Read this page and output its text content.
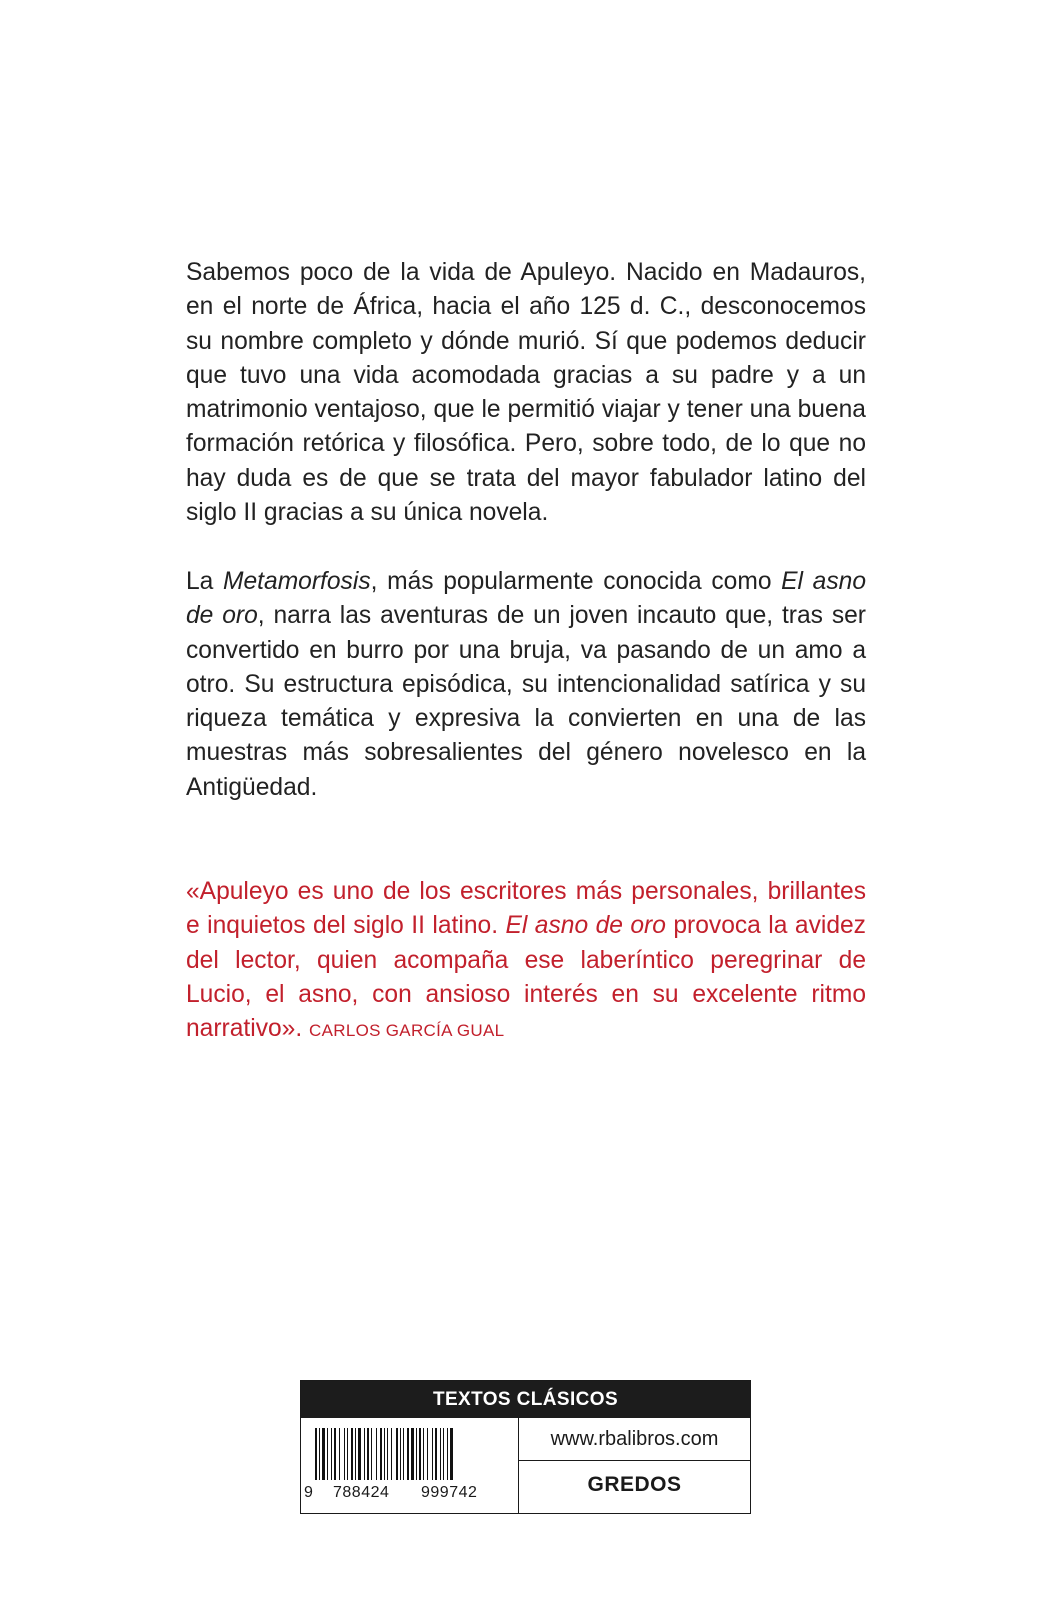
Sabemos poco de la vida de Apuleyo. Nacido en Madauros, en el norte de África, hacia el año 125 d. C., desconocemos su nombre completo y dónde murió. Sí que podemos deducir que tuvo una vida acomodada gracias a su padre y a un matrimonio ventajoso, que le permitió viajar y tener una buena formación retórica y filosófica. Pero, sobre todo, de lo que no hay duda es de que se trata del mayor fabulador latino del siglo II gracias a su única novela.

La Metamorfosis, más popularmente conocida como El asno de oro, narra las aventuras de un joven incauto que, tras ser convertido en burro por una bruja, va pasando de un amo a otro. Su estructura episódica, su intencionalidad satírica y su riqueza temática y expresiva la convierten en una de las muestras más sobresalientes del género novelesco en la Antigüedad.

«Apuleyo es uno de los escritores más personales, brillantes e inquietos del siglo II latino. El asno de oro provoca la avidez del lector, quien acompaña ese laberíntico peregrinar de Lucio, el asno, con ansioso interés en su excelente ritmo narrativo». CARLOS GARCÍA GUAL

TEXTOS CLÁSICOS
9 788424 999742
www.rbalibros.com
GREDOS
